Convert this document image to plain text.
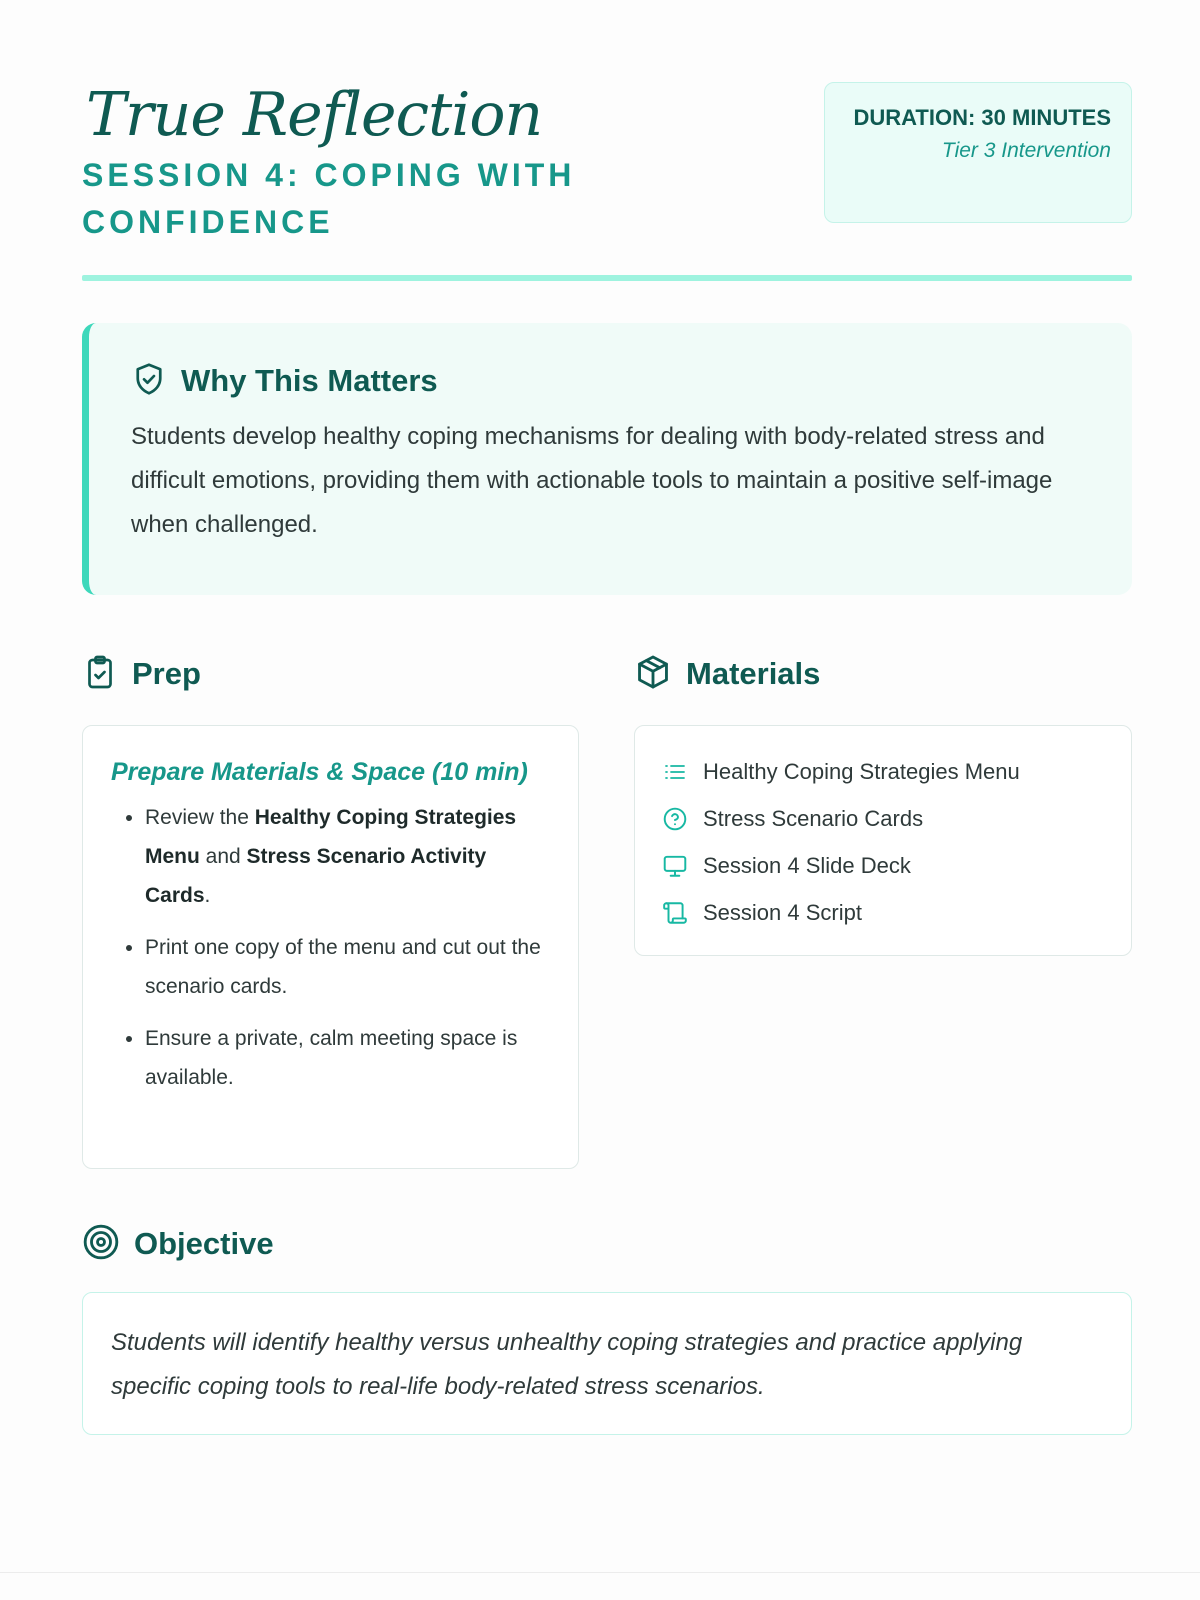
True Reflection
SESSION 4: COPING WITH CONFIDENCE
DURATION: 30 MINUTES
Tier 3 Intervention
Why This Matters
Students develop healthy coping mechanisms for dealing with body-related stress and difficult emotions, providing them with actionable tools to maintain a positive self-image when challenged.
Prep
Prepare Materials & Space (10 min)
• Review the Healthy Coping Strategies Menu and Stress Scenario Activity Cards.
• Print one copy of the menu and cut out the scenario cards.
• Ensure a private, calm meeting space is available.
Materials
Healthy Coping Strategies Menu
Stress Scenario Cards
Session 4 Slide Deck
Session 4 Script
Objective
Students will identify healthy versus unhealthy coping strategies and practice applying specific coping tools to real-life body-related stress scenarios.
